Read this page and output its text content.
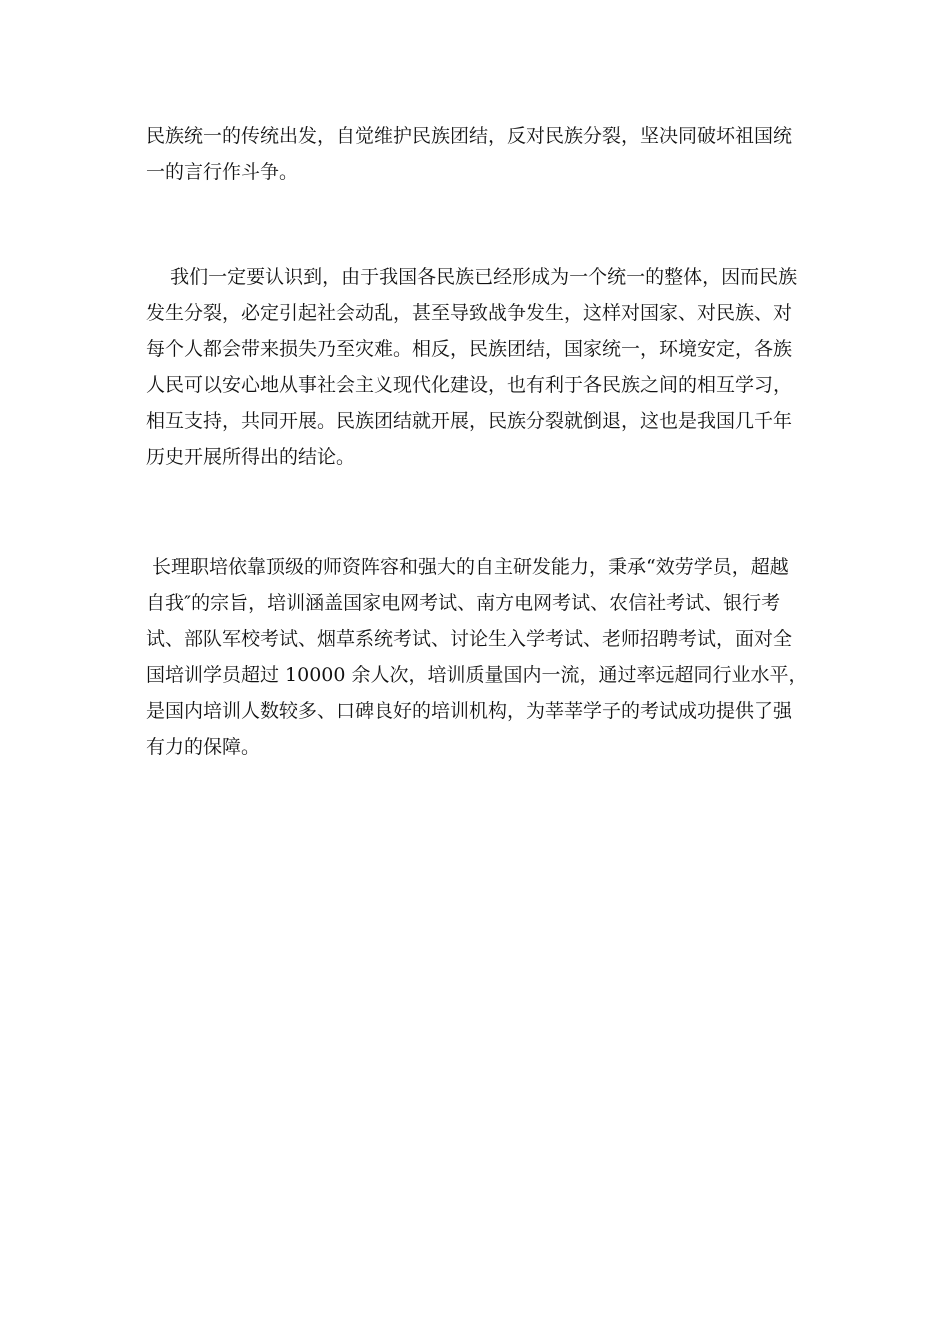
民族统一的传统出发，自觉维护民族团结，反对民族分裂，坚决同破坏祖国统
一的言行作斗争。

我们一定要认识到，由于我国各民族已经形成为一个统一的整体，因而民族
发生分裂，必定引起社会动乱，甚至导致战争发生，这样对国家、对民族、对
每个人都会带来损失乃至灾难。相反，民族团结，国家统一，环境安定，各族
人民可以安心地从事社会主义现代化建设，也有利于各民族之间的相互学习，
相互支持，共同开展。民族团结就开展，民族分裂就倒退，这也是我国几千年
历史开展所得出的结论。

长理职培依靠顶级的师资阵容和强大的自主研发能力，秉承“效劳学员，超越
自我″的宗旨，培训涵盖国家电网考试、南方电网考试、农信社考试、银行考
试、部队军校考试、烟草系统考试、讨论生入学考试、老师招聘考试，面对全
国培训学员超过 10000 余人次，培训质量国内一流，通过率远超同行业水平，
是国内培训人数较多、口碑良好的培训机构，为莘莘学子的考试成功提供了强
有力的保障。
